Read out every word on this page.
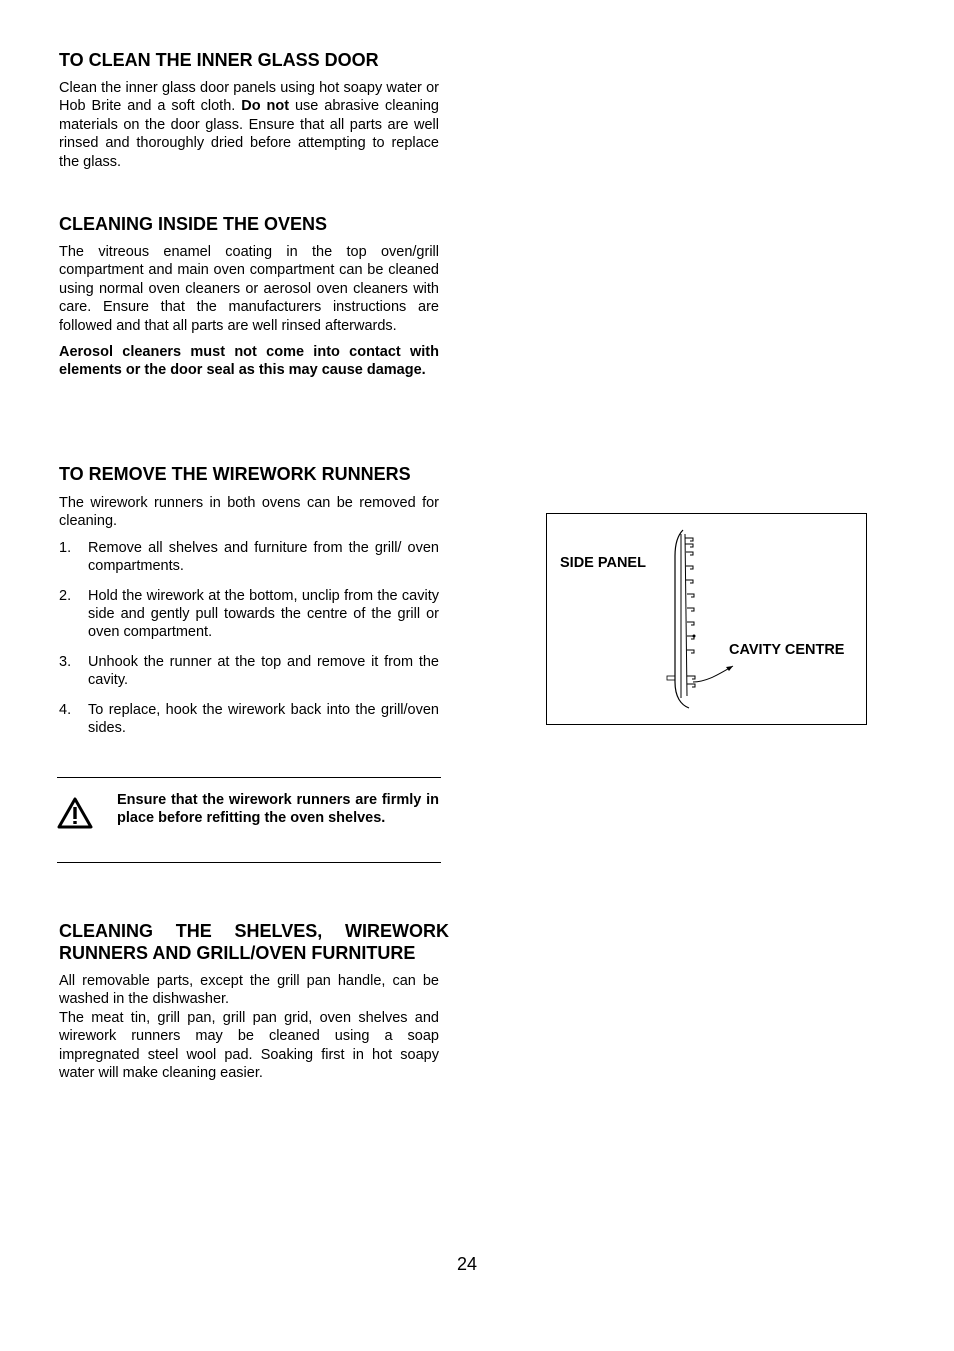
TO CLEAN THE INNER GLASS DOOR

Clean the inner glass door panels using hot soapy water or Hob Brite and a soft cloth. Do not use abrasive cleaning materials on the door glass. Ensure that all parts are well rinsed and thoroughly dried before attempting to replace the glass.

CLEANING INSIDE THE OVENS

The vitreous enamel coating in the top oven/grill compartment and main oven compartment can be cleaned using normal oven cleaners or aerosol oven cleaners with care. Ensure that the manufacturers instructions are followed and that all parts are well rinsed afterwards.

Aerosol cleaners must not come into contact with elements or the door seal as this may cause damage.

TO REMOVE THE WIREWORK RUNNERS

The wirework runners in both ovens can be removed for cleaning.

1. Remove all shelves and furniture from the grill/ oven compartments.
2. Hold the wirework at the bottom, unclip from the cavity side and gently pull towards the centre of the grill or oven compartment.
3. Unhook the runner at the top and remove it from the cavity.
4. To replace, hook the wirework back into the grill/oven sides.
Ensure that the wirework runners are firmly in place before refitting the oven shelves.
CLEANING THE SHELVES, WIREWORK RUNNERS AND GRILL/OVEN FURNITURE

All removable parts, except the grill pan handle, can be washed in the dishwasher.

The meat tin, grill pan, grill pan grid, oven shelves and wirework runners may be cleaned using a soap impregnated steel wool pad. Soaking first in hot soapy water will make cleaning easier.

SIDE PANEL
CAVITY CENTRE
24
